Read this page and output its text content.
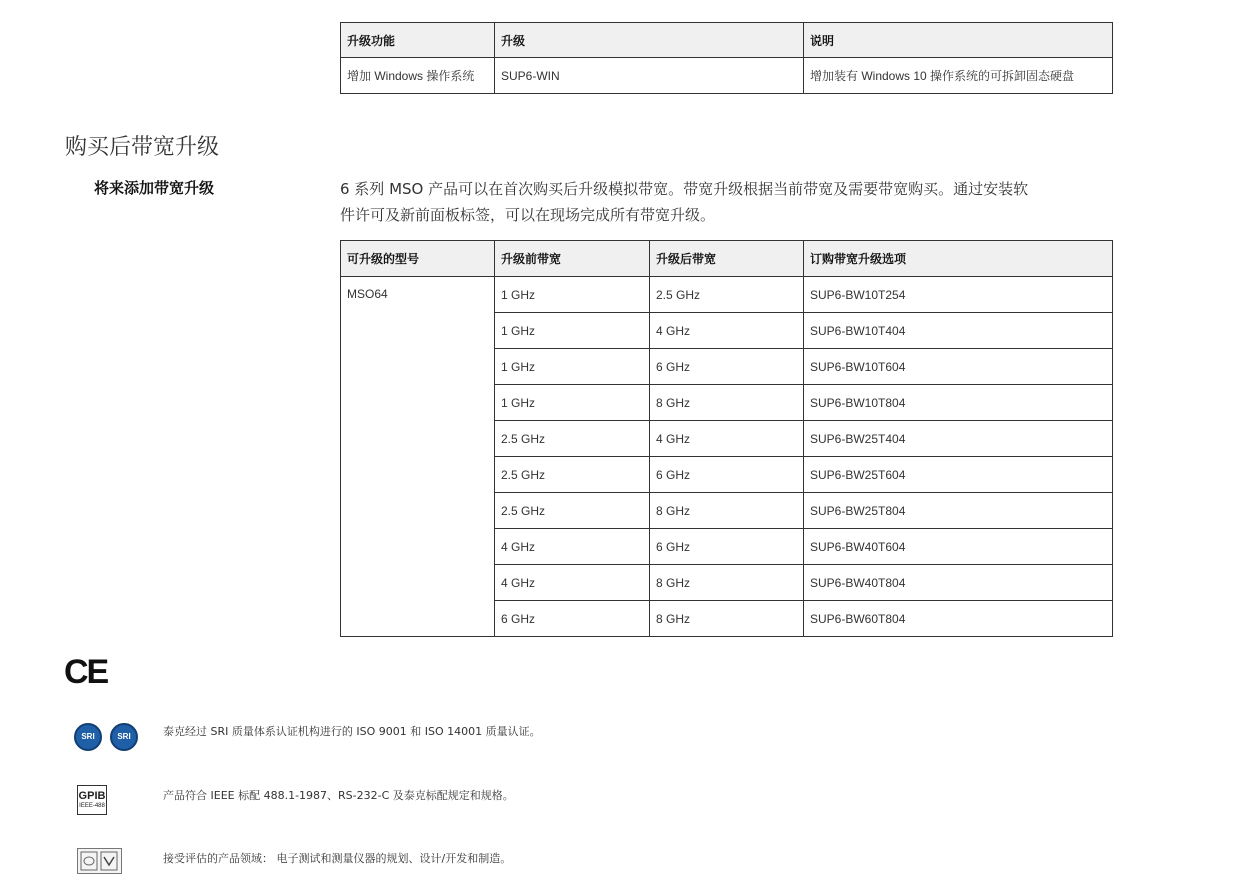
升级功能	升级	说明
增加 Windows 操作系统	SUP6-WIN	增加装有 Windows 10 操作系统的可拆卸固态硬盘
购买后带宽升级
将来添加带宽升级	6 系列 MSO 产品可以在首次购买后升级模拟带宽。带宽升级根据当前带宽及需要带宽购买。通过安装软
件许可及新前面板标签，可以在现场完成所有带宽升级。
可升级的型号	升级前带宽	升级后带宽	订购带宽升级选项
MSO64	1 GHz	2.5 GHz	SUP6-BW10T254
	1 GHz	4 GHz	SUP6-BW10T404
	1 GHz	6 GHz	SUP6-BW10T604
	1 GHz	8 GHz	SUP6-BW10T804
	2.5 GHz	4 GHz	SUP6-BW25T404
	2.5 GHz	6 GHz	SUP6-BW25T604
	2.5 GHz	8 GHz	SUP6-BW25T804
	4 GHz	6 GHz	SUP6-BW40T604
	4 GHz	8 GHz	SUP6-BW40T804
	6 GHz	8 GHz	SUP6-BW60T804
CE
SRI	SRI	泰克经过 SRI 质量体系认证机构进行的 ISO 9001 和 ISO 14001 质量认证。
GPIB
IEEE-488
产品符合 IEEE 标配 488.1-1987、RS-232-C 及泰克标配规定和规格。
接受评估的产品领域： 电子测试和测量仪器的规划、设计/开发和制造。
